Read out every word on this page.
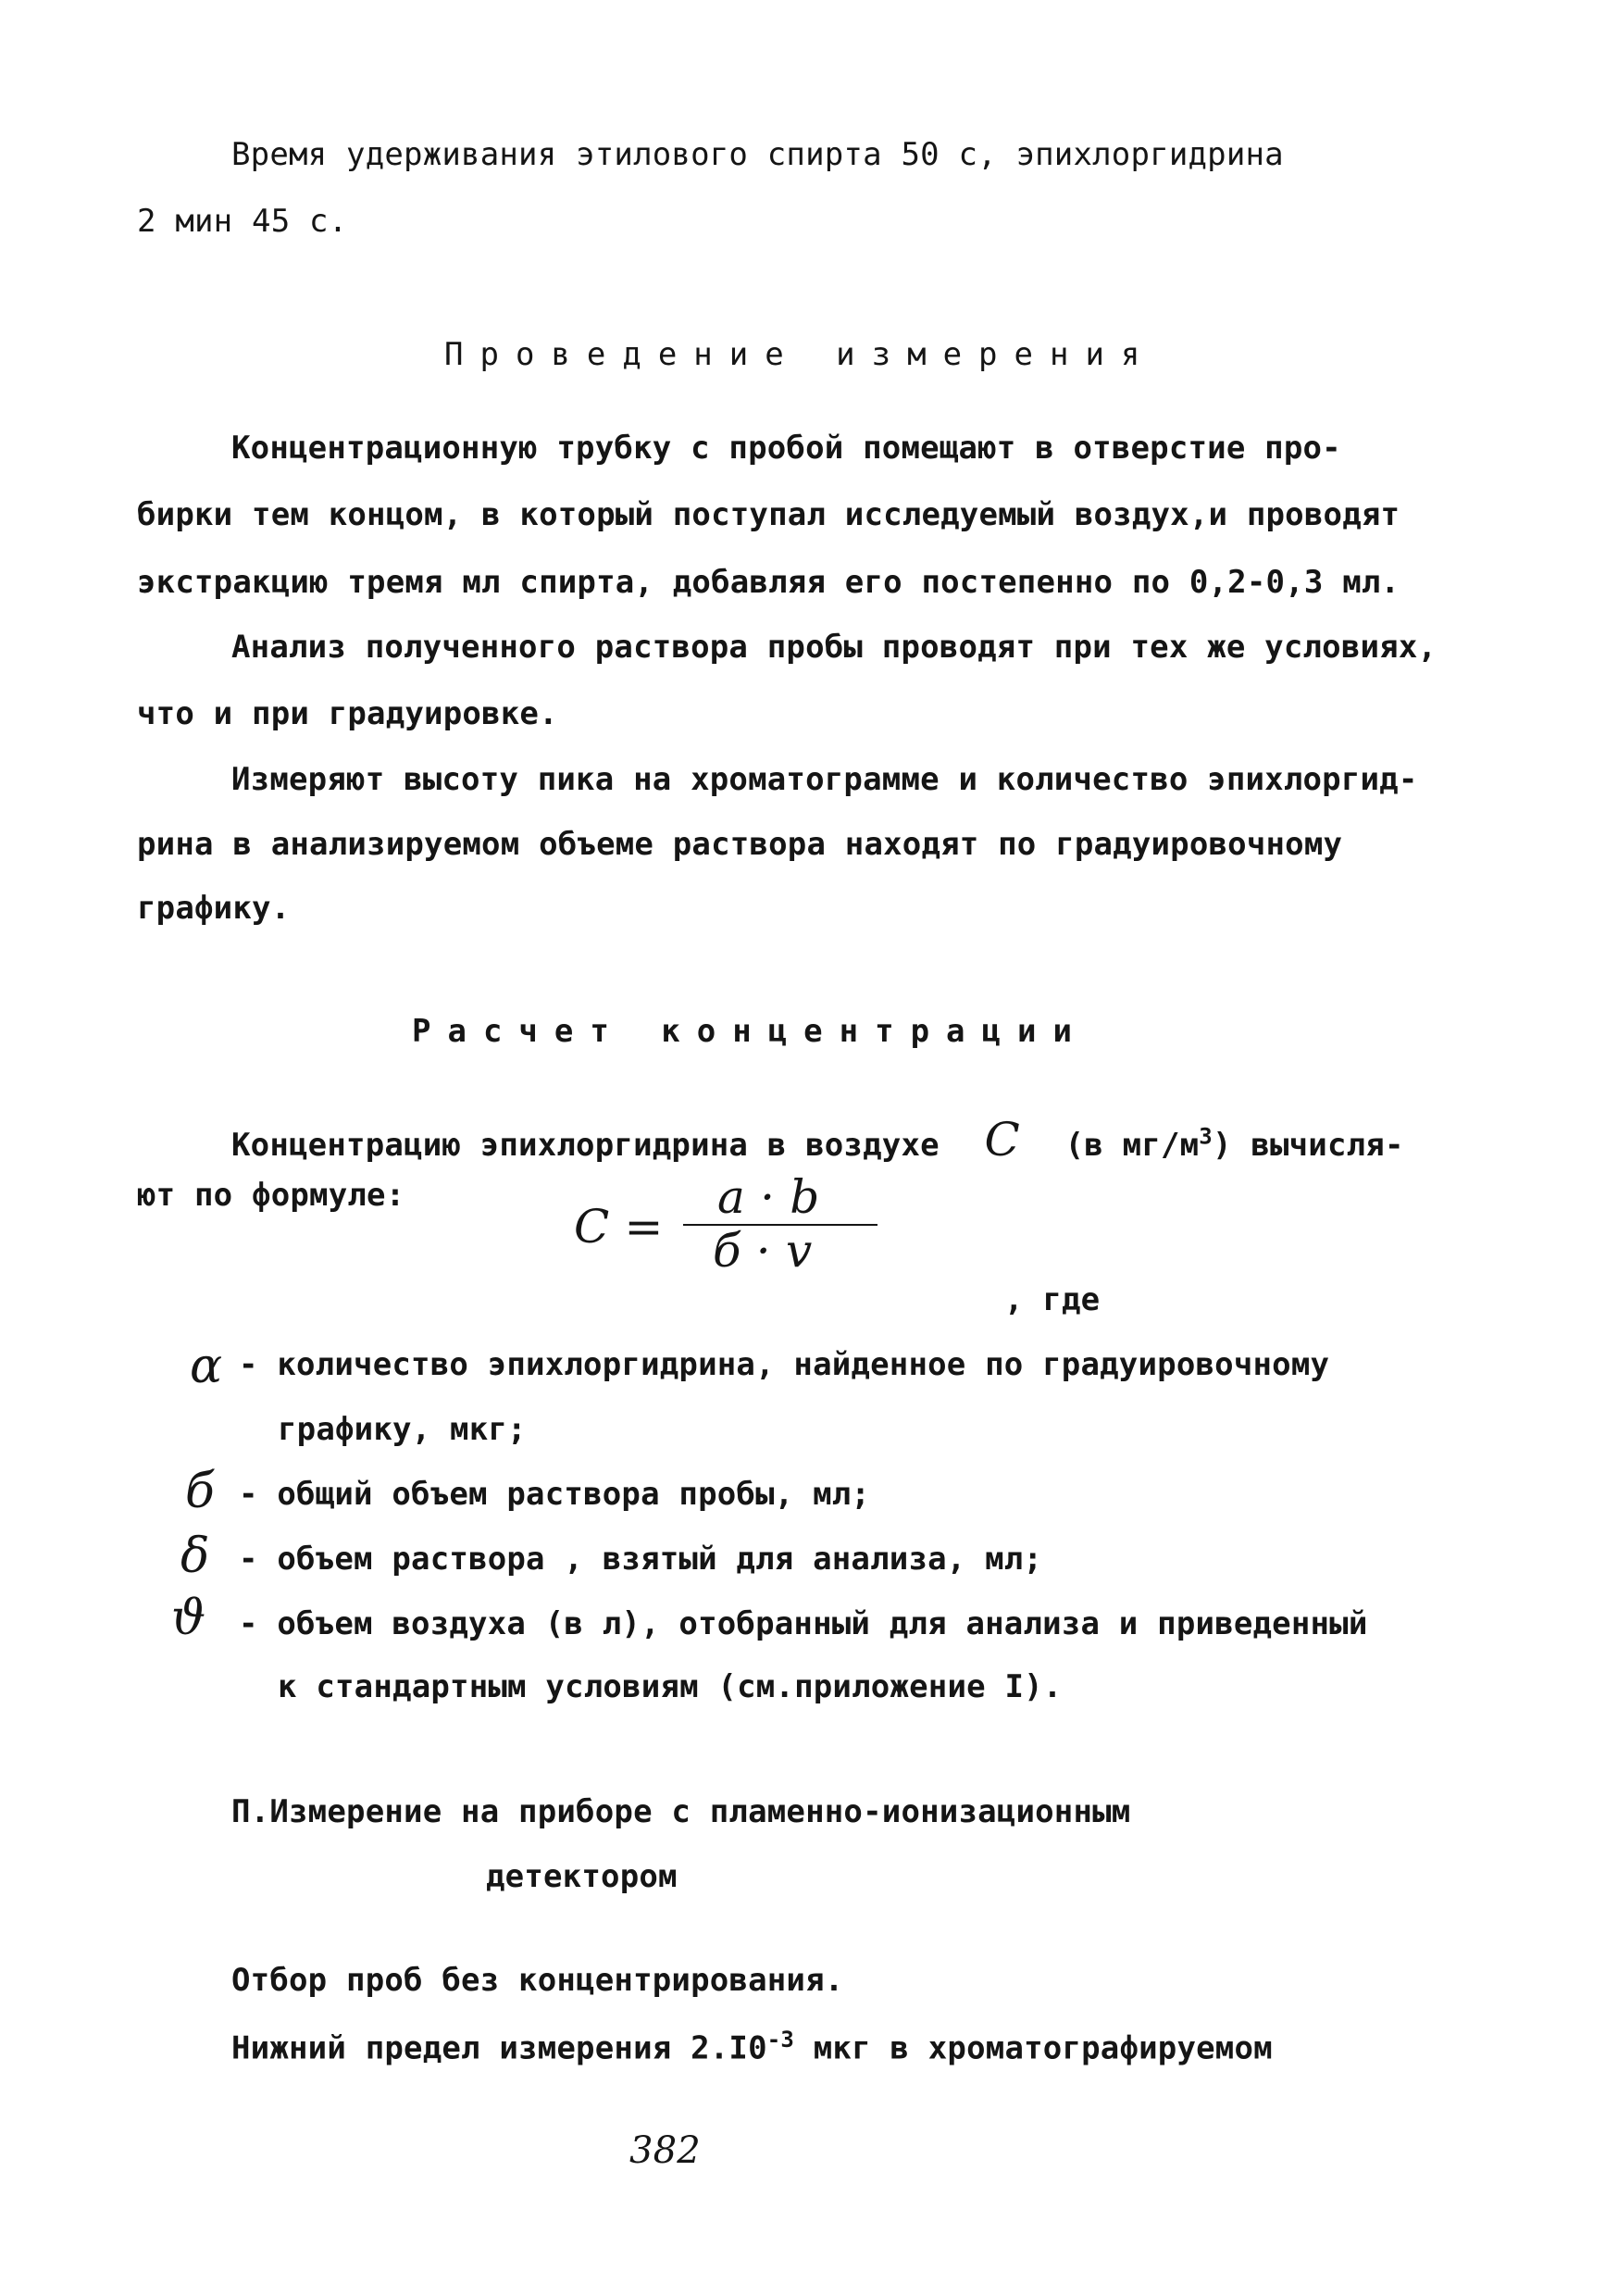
Время удерживания этилового спирта 50 с, эпихлоргидрина
2 мин 45 с.
Проведение измерения
Концентрационную трубку с пробой помещают в отверстие про-
бирки тем концом, в который поступал исследуемый воздух,и проводят
экстракцию тремя мл спирта, добавляя его постепенно по 0,2-0,3 мл.
Анализ полученного раствора пробы проводят при тех же условиях,
что и при градуировке.
Измеряют высоту пика на хроматограмме и количество эпихлоргид-
рина в анализируемом объеме раствора находят по градуировочному
графику.
Расчет концентрации
Концентрацию эпихлоргидрина в воздухе C (в $мг/м^3$) вычисля-
ют по формуле:
C =
a · b
б · v
, где
α - количество эпихлоргидрина, найденное по градуировочному
графику, мкг;
б - общий объем раствора пробы, мл;
δ - объем раствора , взятый для анализа, мл;
ϑ - объем воздуха (в л), отобранный для анализа и приведенный
к стандартным условиям (см.приложение I).
П.Измерение на приборе с пламенно-ионизационным
детектором
Отбор проб без концентрирования.
Нижний предел измерения $2.I0^{-3}$ мкг в хроматографируемом
382
